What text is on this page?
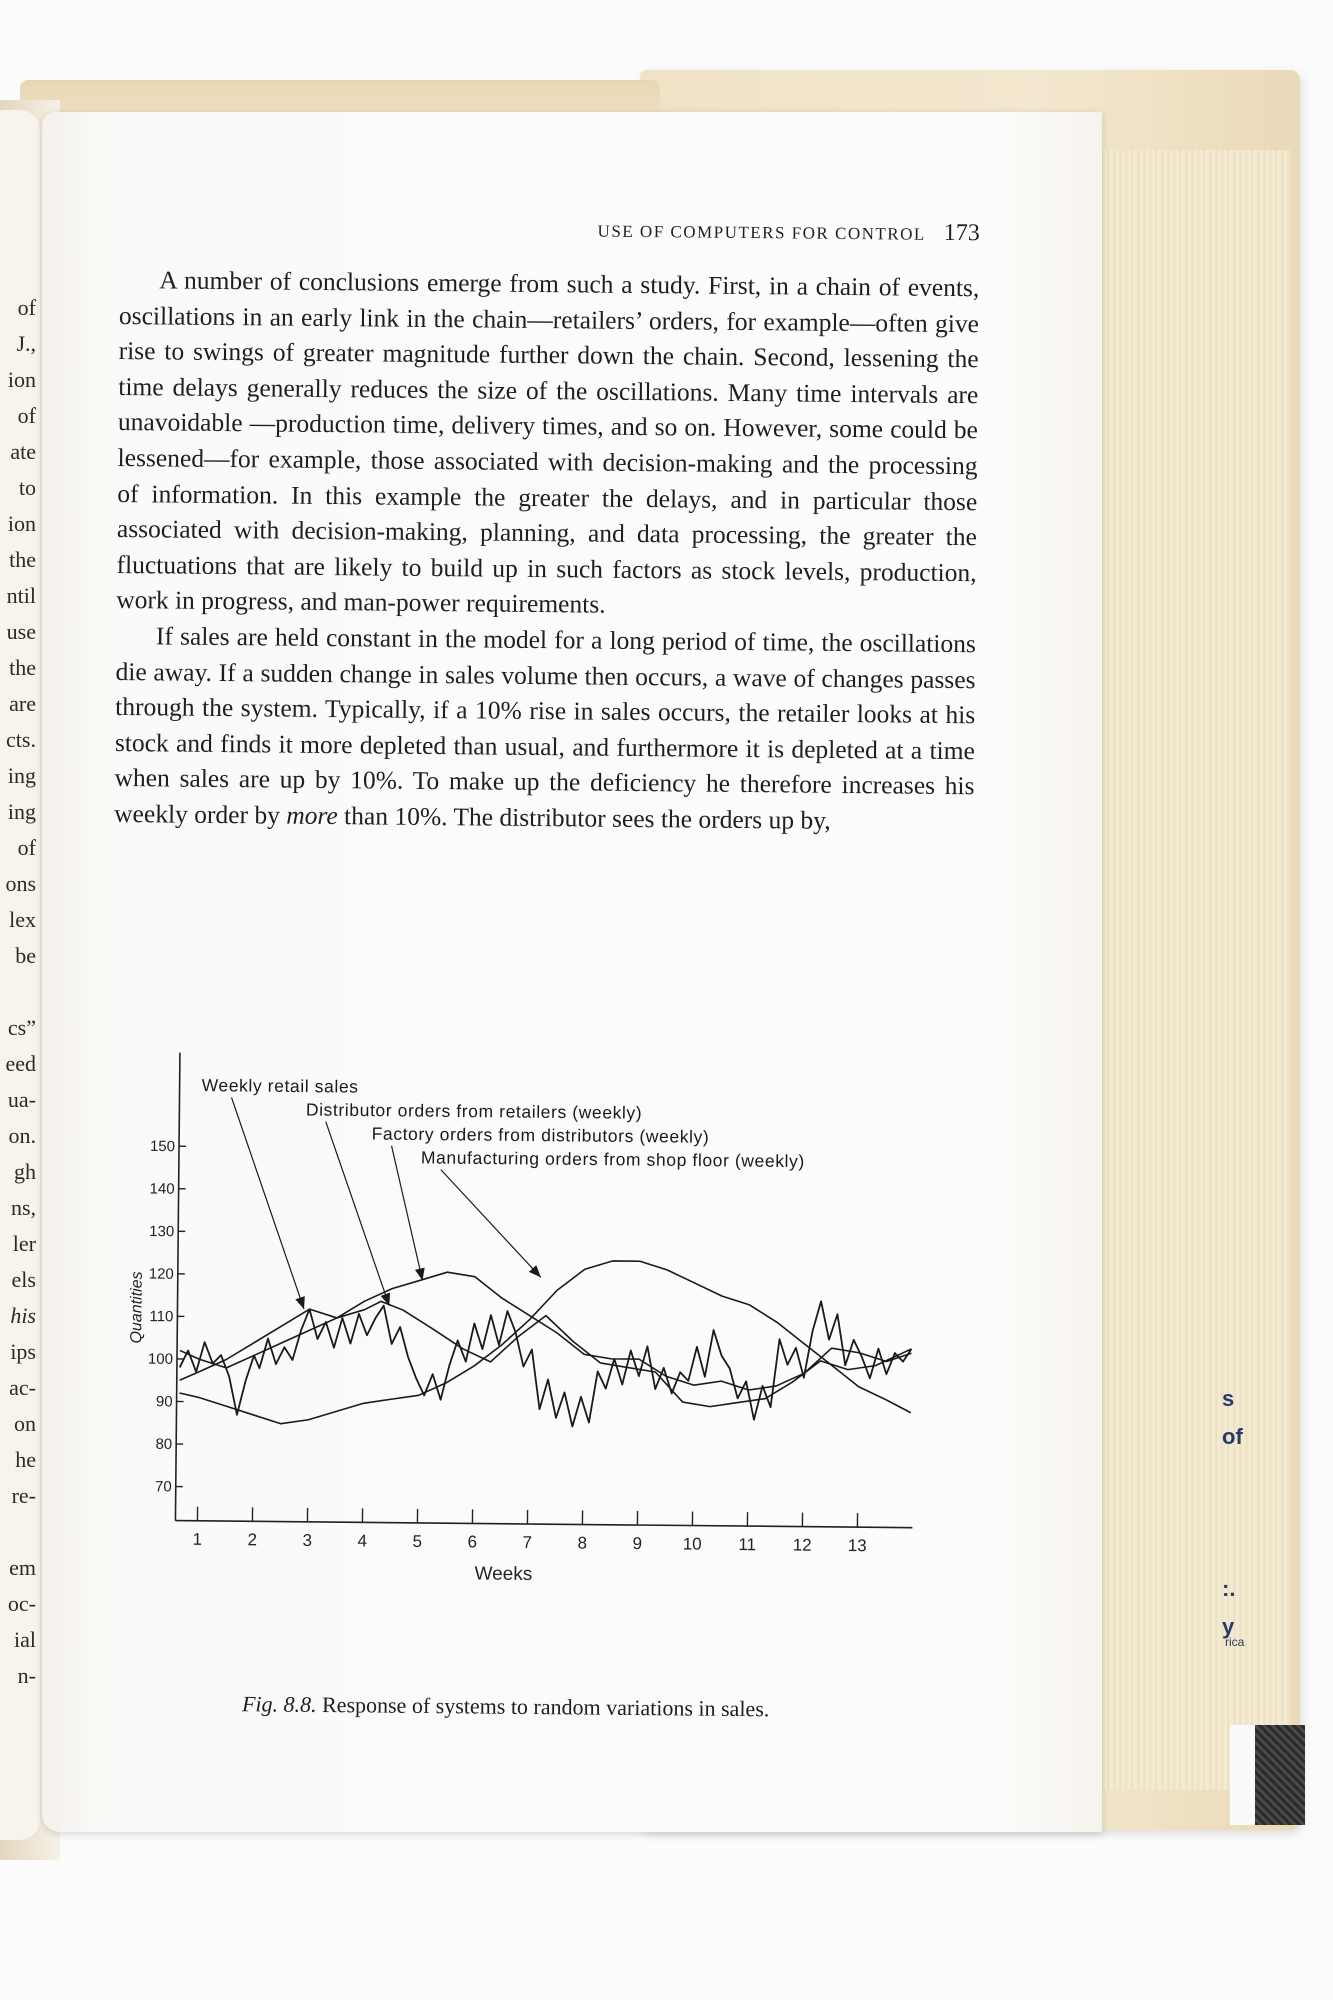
of
J.,
ion
of
ate
to
ion
the
ntil
use
the
are
cts.
ing
ing
of
ons
lex
be

cs”
eed
ua-
on.
gh
ns,
ler
els
his
ips
ac-
on
he
re-

em
oc-
ial
n-
s
of

:.
y
rica
USE OF COMPUTERS FOR CONTROL 173

A number of conclusions emerge from such a study. First, in a chain of events, oscillations in an early link in the chain—retailers’ orders, for example—often give rise to swings of greater magnitude further down the chain. Second, lessening the time delays generally reduces the size of the oscillations. Many time intervals are unavoidable —production time, delivery times, and so on. However, some could be lessened—for example, those associated with decision-making and the processing of information. In this example the greater the delays, and in particular those associated with decision-making, planning, and data processing, the greater the fluctuations that are likely to build up in such factors as stock levels, production, work in progress, and man-power requirements.

If sales are held constant in the model for a long period of time, the oscillations die away. If a sudden change in sales volume then occurs, a wave of changes passes through the system. Typically, if a 10% rise in sales occurs, the retailer looks at his stock and finds it more depleted than usual, and furthermore it is depleted at a time when sales are up by 10%. To make up the deficiency he therefore increases his weekly order by more than 10%. The distributor sees the orders up by,

70
80
90
100
110
120
130
140
150
1	2	3	4	5	6	7	8	9 10 11 12 13
Weeks
Quantities
Weekly retail sales
Distributor orders from retailers (weekly)
Factory orders from distributors (weekly)
Manufacturing orders from shop floor (weekly)
Fig. 8.8. Response of systems to random variations in sales.
